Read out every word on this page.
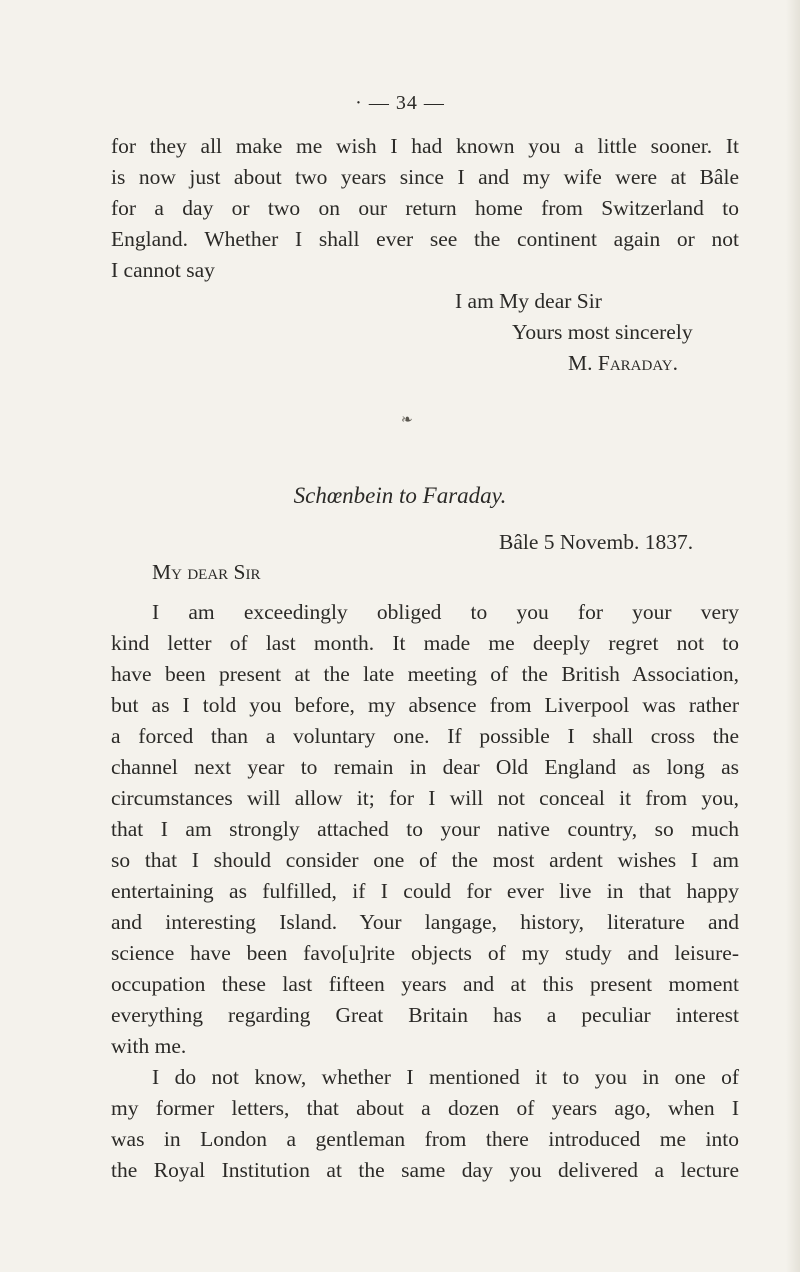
· — 34 —
for they all make me wish I had known you a little sooner. It
is now just about two years since I and my wife were at Bâle
for a day or two on our return home from Switzerland to
England. Whether I shall ever see the continent again or not
I cannot say
I am My dear Sir
Yours most sincerely
M. Faraday.
❧
Schœnbein to Faraday.
Bâle 5 Novemb. 1837.
My dear Sir
I am exceedingly obliged to you for your very
kind letter of last month. It made me deeply regret not to
have been present at the late meeting of the British Association,
but as I told you before, my absence from Liverpool was rather
a forced than a voluntary one. If possible I shall cross the
channel next year to remain in dear Old England as long as
circumstances will allow it; for I will not conceal it from you,
that I am strongly attached to your native country, so much
so that I should consider one of the most ardent wishes I am
entertaining as fulfilled, if I could for ever live in that happy
and interesting Island. Your langage, history, literature and
science have been favo[u]rite objects of my study and leisure-
occupation these last fifteen years and at this present moment
everything regarding Great Britain has a peculiar interest
with me.
I do not know, whether I mentioned it to you in one of
my former letters, that about a dozen of years ago, when I
was in London a gentleman from there introduced me into
the Royal Institution at the same day you delivered a lecture
